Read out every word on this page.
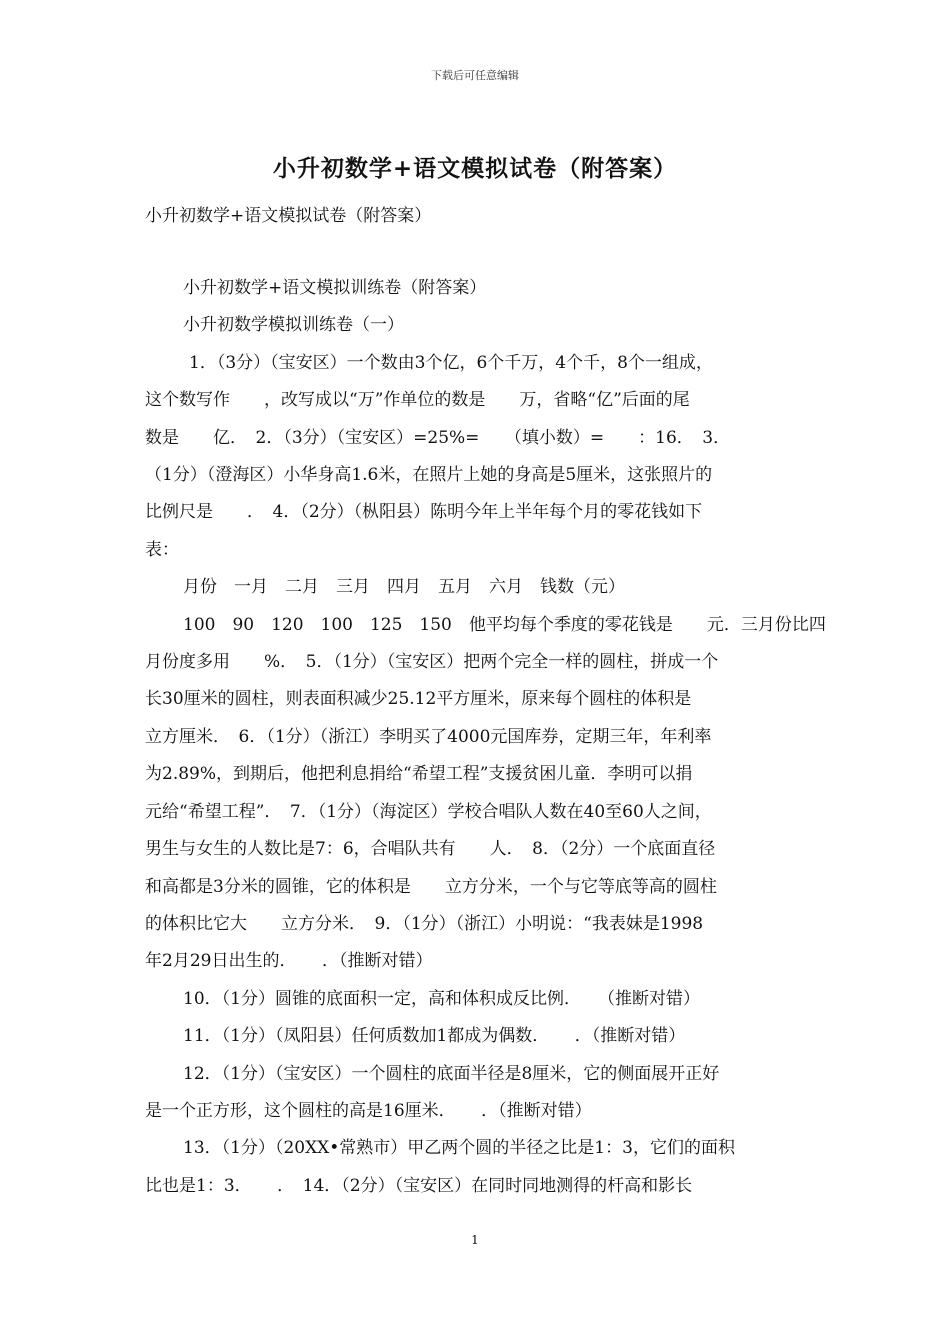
下载后可任意编辑
小升初数学+语文模拟试卷（附答案）
小升初数学+语文模拟试卷（附答案）

小升初数学+语文模拟训练卷（附答案）

小升初数学模拟训练卷（一）

1．（3分）（宝安区）一个数由3个亿，6个千万，4个千，8个一组成，

这个数写作　　，改写成以“万”作单位的数是　　万，省略“亿”后面的尾

数是　　亿．　2．（3分）（宝安区）=25%=　　（填小数）=　　：16．　3．

（1分）（澄海区）小华身高1.6米，在照片上她的身高是5厘米，这张照片的

比例尺是　　．　4．（2分）（枞阳县）陈明今年上半年每个月的零花钱如下

表：

月份　一月　二月　三月　四月　五月　六月　钱数（元）

100　90　120　100　125　150　他平均每个季度的零花钱是　　元．三月份比四

月份度多用　　%．　5．（1分）（宝安区）把两个完全一样的圆柱，拼成一个

长30厘米的圆柱，则表面积减少25.12平方厘米，原来每个圆柱的体积是

立方厘米．　6．（1分）（浙江）李明买了4000元国库券，定期三年，年利率

为2.89%，到期后，他把利息捐给“希望工程”支援贫困儿童．李明可以捐

元给“希望工程”．　7．（1分）（海淀区）学校合唱队人数在40至60人之间，

男生与女生的人数比是7：6，合唱队共有　　人．　8．（2分）一个底面直径

和高都是3分米的圆锥，它的体积是　　立方分米，一个与它等底等高的圆柱

的体积比它大　　立方分米．　9．（1分）（浙江）小明说：“我表妹是1998

年2月29日出生的．　　．（推断对错）

10．（1分）圆锥的底面积一定，高和体积成反比例．　　（推断对错）

11．（1分）（凤阳县）任何质数加1都成为偶数．　　．（推断对错）

12．（1分）（宝安区）一个圆柱的底面半径是8厘米，它的侧面展开正好

是一个正方形，这个圆柱的高是16厘米．　　．（推断对错）

13．（1分）（20XX•常熟市）甲乙两个圆的半径之比是1：3，它们的面积

比也是1：3．　　．　14．（2分）（宝安区）在同时同地测得的杆高和影长

1
